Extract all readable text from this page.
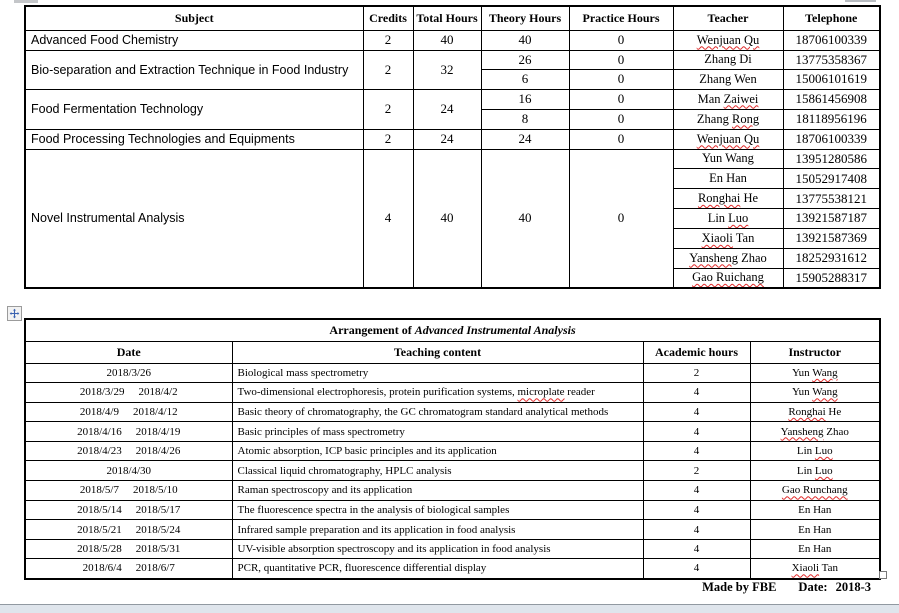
Subject	Credits	Total Hours	Theory Hours	Practice Hours	Teacher	Telephone
Advanced Food Chemistry	2	40	40	0	Wenjuan Qu	18706100339
Bio-separation and Extraction Technique in Food Industry	2	32	26	0	Zhang Di	13775358367
			6	0	Zhang Wen	15006101619
Food Fermentation Technology	2	24	16	0	Man Zaiwei	15861456908
			8	0	Zhang Rong	18118956196
Food Processing Technologies and Equipments	2	24	24	0	Wenjuan Qu	18706100339
Novel Instrumental Analysis	4	40	40	0	Yun Wang	13951280586
					En Han	15052917408
					Ronghai He	13775538121
					Lin Luo	13921587187
					Xiaoli Tan	13921587369
					Yansheng Zhao	18252931612
					Gao Ruichang	15905288317
Arrangement of Advanced Instrumental Analysis			
Date	Teaching content	Academic hours	Instructor
2018/3/26	Biological mass spectrometry	2	Yun Wang
2018/3/29 2018/4/2	Two-dimensional electrophoresis, protein purification systems, microplate reader	4	Yun Wang
2018/4/9 2018/4/12	Basic theory of chromatography, the GC chromatogram standard analytical methods	4	Ronghai He
2018/4/16 2018/4/19	Basic principles of mass spectrometry	4	Yansheng Zhao
2018/4/23 2018/4/26	Atomic absorption, ICP basic principles and its application	4	Lin Luo
2018/4/30	Classical liquid chromatography, HPLC analysis	2	Lin Luo
2018/5/7 2018/5/10	Raman spectroscopy and its application	4	Gao Runchang
2018/5/14 2018/5/17	The fluorescence spectra in the analysis of biological samples	4	En Han
2018/5/21 2018/5/24	Infrared sample preparation and its application in food analysis	4	En Han
2018/5/28 2018/5/31	UV-visible absorption spectroscopy and its application in food analysis	4	En Han
2018/6/4 2018/6/7	PCR, quantitative PCR, fluorescence differential display	4	Xiaoli Tan
Made by FBE Date: 2018-3
